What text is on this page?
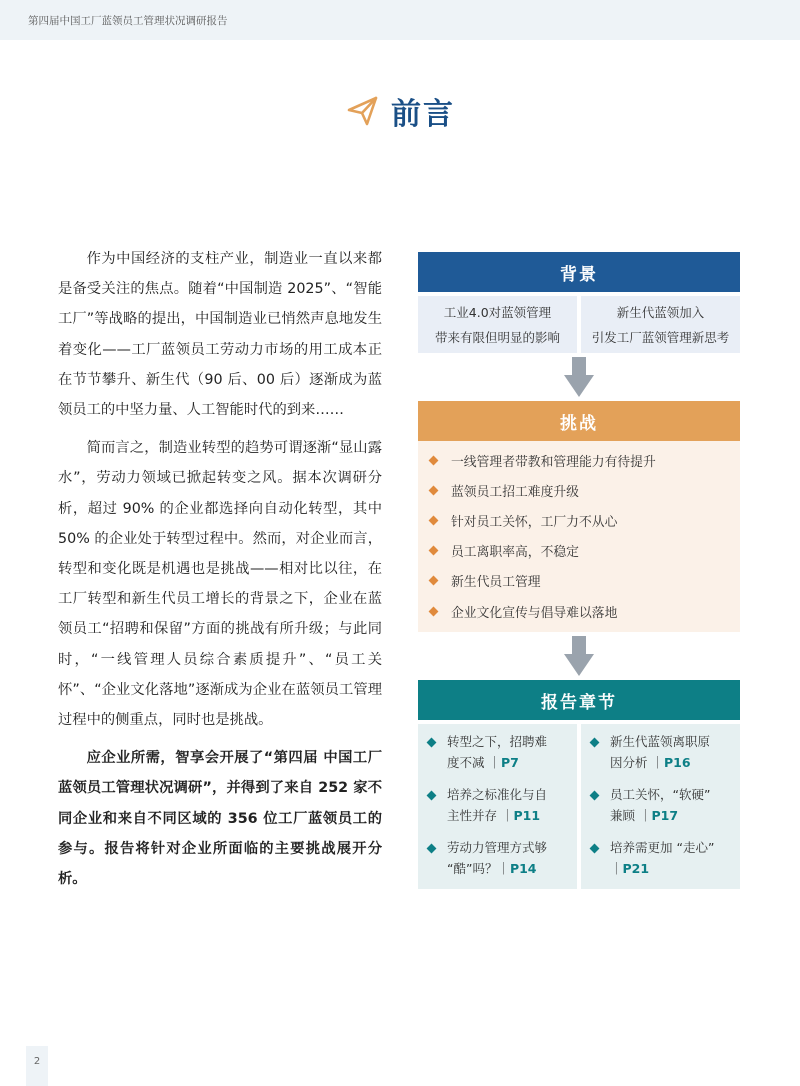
第四届中国工厂蓝领员工管理状况调研报告
前言

作为中国经济的支柱产业，制造业一直以来都是备受关注的焦点。随着“中国制造 2025”、“智能工厂”等战略的提出，中国制造业已悄然声息地发生着变化——工厂蓝领员工劳动力市场的用工成本正在节节攀升、新生代（90 后、00 后）逐渐成为蓝领员工的中坚力量、人工智能时代的到来……

简而言之，制造业转型的趋势可谓逐渐“显山露水”，劳动力领域已掀起转变之风。据本次调研分析，超过 90% 的企业都选择向自动化转型，其中 50% 的企业处于转型过程中。然而，对企业而言，转型和变化既是机遇也是挑战——相对比以往，在工厂转型和新生代员工增长的背景之下，企业在蓝领员工“招聘和保留”方面的挑战有所升级；与此同时，“一线管理人员综合素质提升”、“员工关怀”、“企业文化落地”逐渐成为企业在蓝领员工管理过程中的侧重点，同时也是挑战。

应企业所需，智享会开展了“第四届 中国工厂蓝领员工管理状况调研”，并得到了来自 252 家不同企业和来自不同区域的 356 位工厂蓝领员工的参与。报告将针对企业所面临的主要挑战展开分析。

背景
工业4.0对蓝领管理
带来有限但明显的影响
新生代蓝领加入
引发工厂蓝领管理新思考
挑战
一线管理者带教和管理能力有待提升
蓝领员工招工难度升级
针对员工关怀，工厂力不从心
员工离职率高，不稳定
新生代员工管理
企业文化宣传与倡导难以落地
报告章节
转型之下，招聘难
度不减 ｜P7
培养之标准化与自
主性并存 ｜P11
劳动力管理方式够
“酷”吗？｜P14
新生代蓝领离职原
因分析 ｜P16
员工关怀，“软硬”
兼顾 ｜P17
培养需更加 “走心”
｜P21
2
